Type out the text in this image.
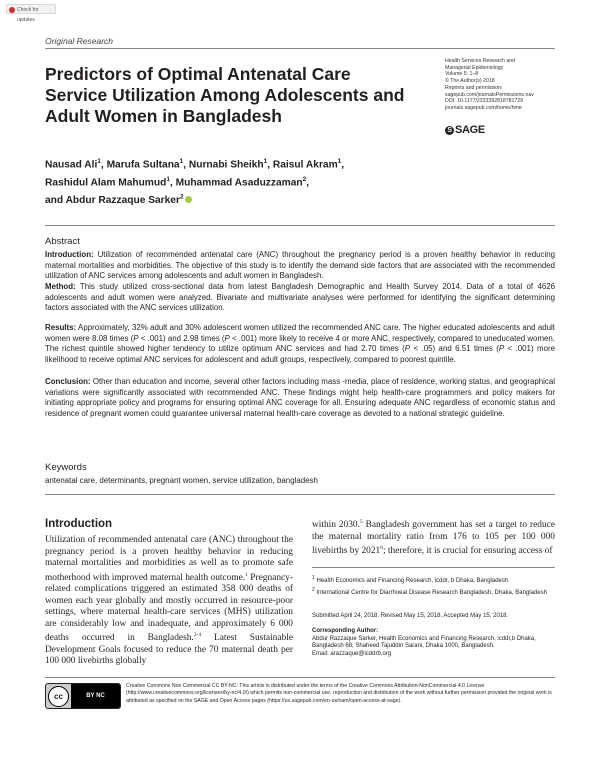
Check for updates
Original Research
Predictors of Optimal Antenatal Care Service Utilization Among Adolescents and Adult Women in Bangladesh
Health Services Research and
Managerial Epidemiology
Volume 5: 1–8
© The Author(s) 2018
Reprints and permission:
sagepub.com/journalsPermissions.nav
DOI: 10.1177/2333392818781729
journals.sagepub.com/home/hme
S SAGE
Nausad Ali$^1$, Marufa Sultana$^1$, Nurnabi Sheikh$^1$, Raisul Akram$^1$,
Rashidul Alam Mahumud$^1$, Muhammad Asaduzzaman$^2$,
and Abdur Razzaque Sarker$^2$
Abstract
Introduction: Utilization of recommended antenatal care (ANC) throughout the pregnancy period is a proven healthy behavior in reducing maternal mortalities and morbidities. The objective of this study is to identify the demand side factors that are associated with the recommended utilization of ANC services among adolescents and adult women in Bangladesh.
Method: This study utilized cross-sectional data from latest Bangladesh Demographic and Health Survey 2014. Data of a total of 4626 adolescents and adult women were analyzed. Bivariate and multivariate analyses were performed for identifying the significant determining factors associated with the ANC services utilization.
Results: Approximately, 32% adult and 30% adolescent women utilized the recommended ANC care. The higher educated adolescents and adult women were 8.08 times (P < .001) and 2.98 times (P < .001) more likely to receive 4 or more ANC, respectively, compared to uneducated women. The richest quintile showed higher tendency to utilize optimum ANC services and had 2.70 times (P < .05) and 6.51 times (P < .001) more likelihood to receive optimal ANC services for adolescent and adult groups, respectively, compared to poorest quintile.
Conclusion: Other than education and income, several other factors including mass -media, place of residence, working status, and geographical variations were significantly associated with recommended ANC. These findings might help health-care programmers and policy makers for initiating appropriate policy and programs for ensuring optimal ANC coverage for all. Ensuring adequate ANC regardless of economic status and residence of pregnant women could guarantee universal maternal health-care coverage as devoted to a national strategic guideline.
Keywords
antenatal care, determinants, pregnant women, service utilization, bangladesh
Introduction
Utilization of recommended antenatal care (ANC) throughout the pregnancy period is a proven healthy behavior in reducing maternal mortalities and morbidities as well as to promote safe motherhood with improved maternal health outcome.$^1$ Pregnancy-related complications triggered an estimated 358 000 deaths of women each year globally and mostly occurred in resource-poor settings, where maternal health-care services (MHS) utilization are considerably low and inadequate, and approximately 6 000 deaths occurred in Bangladesh.$^{2-4}$ Latest Sustainable Development Goals focused to reduce the 70 maternal death per 100 000 livebirths globally
within 2030.$^5$ Bangladesh government has set a target to reduce the maternal mortality ratio from 176 to 105 per 100 000 livebirths by 2021$^6$; therefore, it is crucial for ensuring access of
$^1$ Health Economics and Financing Research, icddr, b Dhaka, Bangladesh
$^2$ International Centre for Diarrhoeal Disease Research Bangladesh, Dhaka, Bangladesh
Submitted April 24, 2018. Revised May 15, 2018. Accepted May 15, 2018.
Corresponding Author:
Abdur Razzaque Sarker, Health Economics and Financing Research, icddr,b Dhaka, Bangladesh 68, Shaheed Tajuddin Sarani, Dhaka 1000, Bangladesh.
Email: arazzaque@icddrb.org
cc	BY NC
Creative Commons Non Commercial CC BY-NC: This article is distributed under the terms of the Creative Commons Attribution-NonCommercial 4.0 License (http://www.creativecommons.org/licenses/by-nc/4.0/) which permits non-commercial use, reproduction and distribution of the work without further permission provided the original work is attributed as specified on the SAGE and Open Access pages (https://us.sagepub.com/en-us/nam/open-access-at-sage).
